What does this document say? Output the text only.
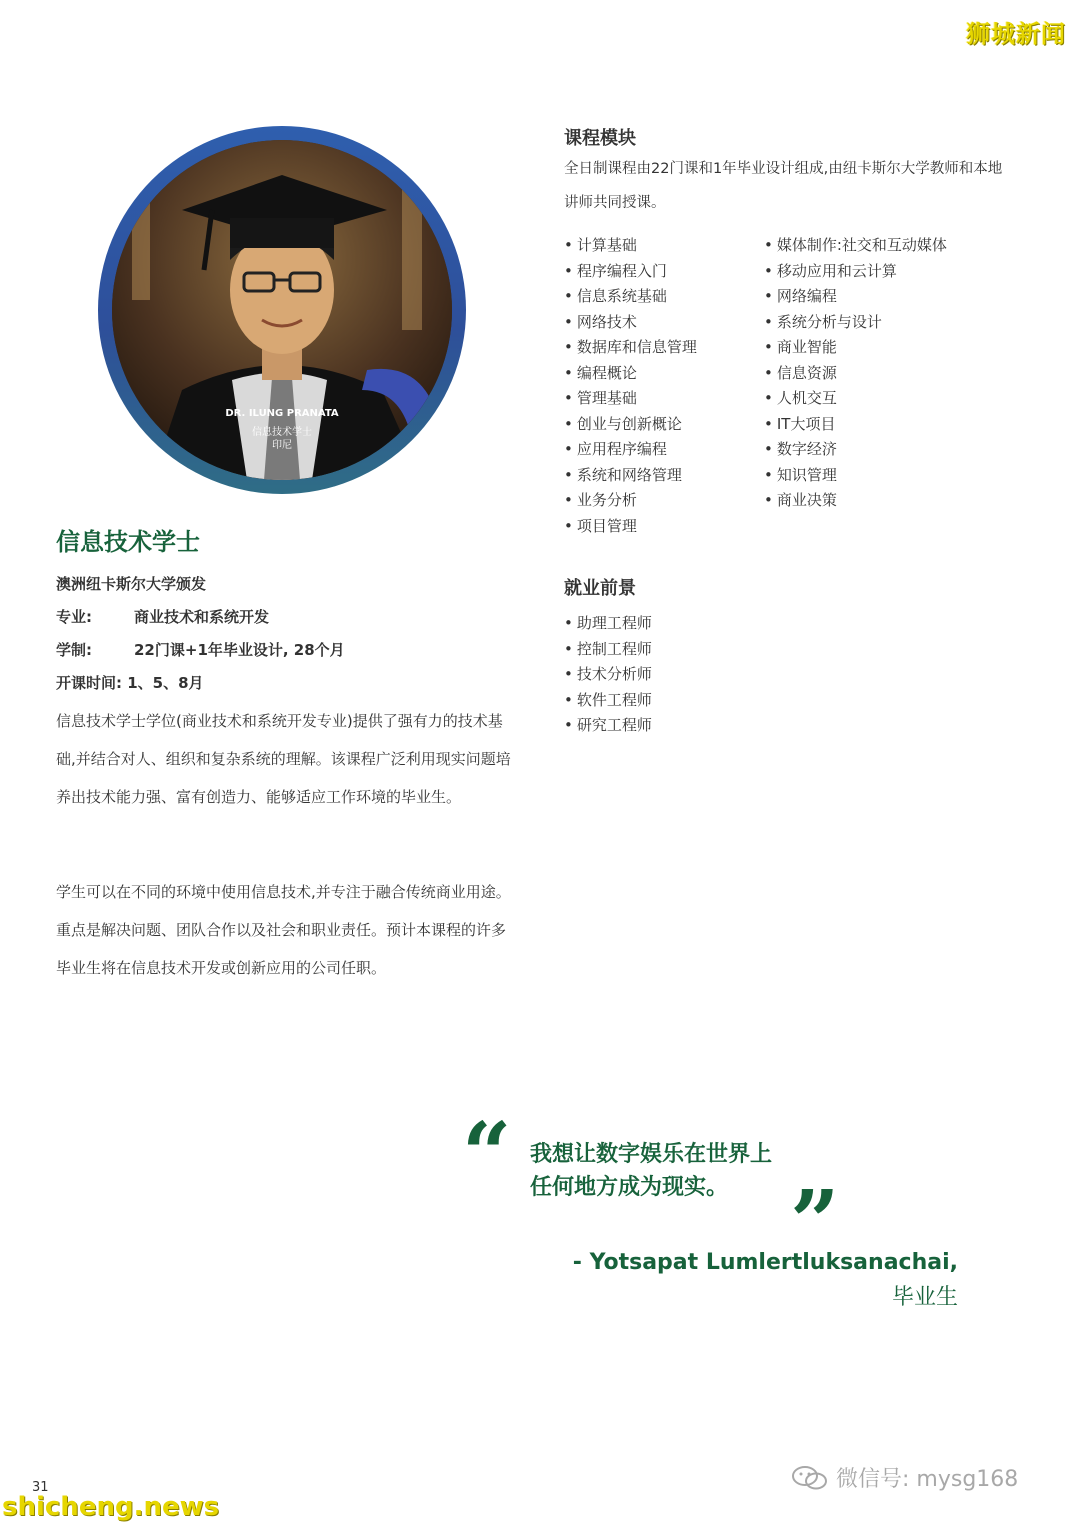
狮城新闻
DR. ILUNG PRANATA
信息技术学士
印尼
信息技术学士
澳洲纽卡斯尔大学颁发
专业:	商业技术和系统开发
学制:	22门课+1年毕业设计, 28个月
开课时间: 1、5、8月
信息技术学士学位(商业技术和系统开发专业)提供了强有力的技术基础,并结合对人、组织和复杂系统的理解。该课程广泛利用现实问题培养出技术能力强、富有创造力、能够适应工作环境的毕业生。
学生可以在不同的环境中使用信息技术,并专注于融合传统商业用途。重点是解决问题、团队合作以及社会和职业责任。预计本课程的许多毕业生将在信息技术开发或创新应用的公司任职。
课程模块
全日制课程由22门课和1年毕业设计组成,由纽卡斯尔大学教师和本地讲师共同授课。
• 计算基础
• 程序编程入门
• 信息系统基础
• 网络技术
• 数据库和信息管理
• 编程概论
• 管理基础
• 创业与创新概论
• 应用程序编程
• 系统和网络管理
• 业务分析
• 项目管理
• 媒体制作:社交和互动媒体
• 移动应用和云计算
• 网络编程
• 系统分析与设计
• 商业智能
• 信息资源
• 人机交互
• IT大项目
• 数字经济
• 知识管理
• 商业决策
就业前景
• 助理工程师
• 控制工程师
• 技术分析师
• 软件工程师
• 研究工程师
“ 我想让数字娱乐在世界上
任何地方成为现实。 ”
- Yotsapat Lumlertluksanachai,
毕业生
31
shicheng.news
微信号: mysg168
